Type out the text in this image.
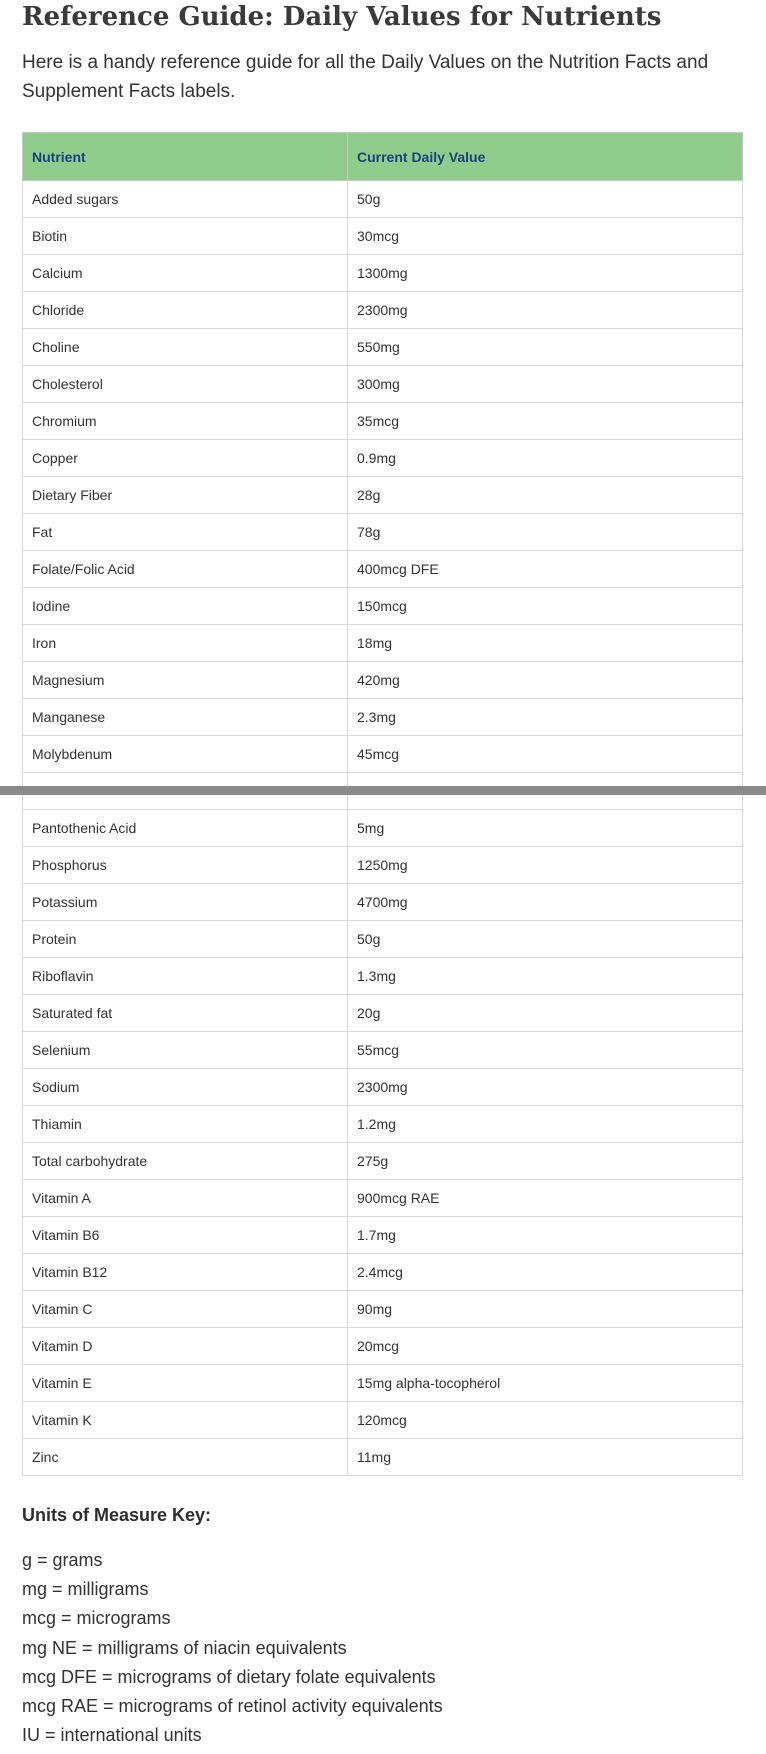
Reference Guide: Daily Values for Nutrients

Here is a handy reference guide for all the Daily Values on the Nutrition Facts and Supplement Facts labels.

Nutrient	Current Daily Value
Added sugars	50g
Biotin	30mcg
Calcium	1300mg
Chloride	2300mg
Choline	550mg
Cholesterol	300mg
Chromium	35mcg
Copper	0.9mg
Dietary Fiber	28g
Fat	78g
Folate/Folic Acid	400mcg DFE
Iodine	150mcg
Iron	18mg
Magnesium	420mg
Manganese	2.3mg
Molybdenum	45mcg

Pantothenic Acid	5mg
Phosphorus	1250mg
Potassium	4700mg
Protein	50g
Riboflavin	1.3mg
Saturated fat	20g
Selenium	55mcg
Sodium	2300mg
Thiamin	1.2mg
Total carbohydrate	275g
Vitamin A	900mcg RAE
Vitamin B6	1.7mg
Vitamin B12	2.4mcg
Vitamin C	90mg
Vitamin D	20mcg
Vitamin E	15mg alpha-tocopherol
Vitamin K	120mcg
Zinc	11mg
Units of Measure Key:
g = grams
mg = milligrams
mcg = micrograms
mg NE = milligrams of niacin equivalents
mcg DFE = micrograms of dietary folate equivalents
mcg RAE = micrograms of retinol activity equivalents
IU = international units
